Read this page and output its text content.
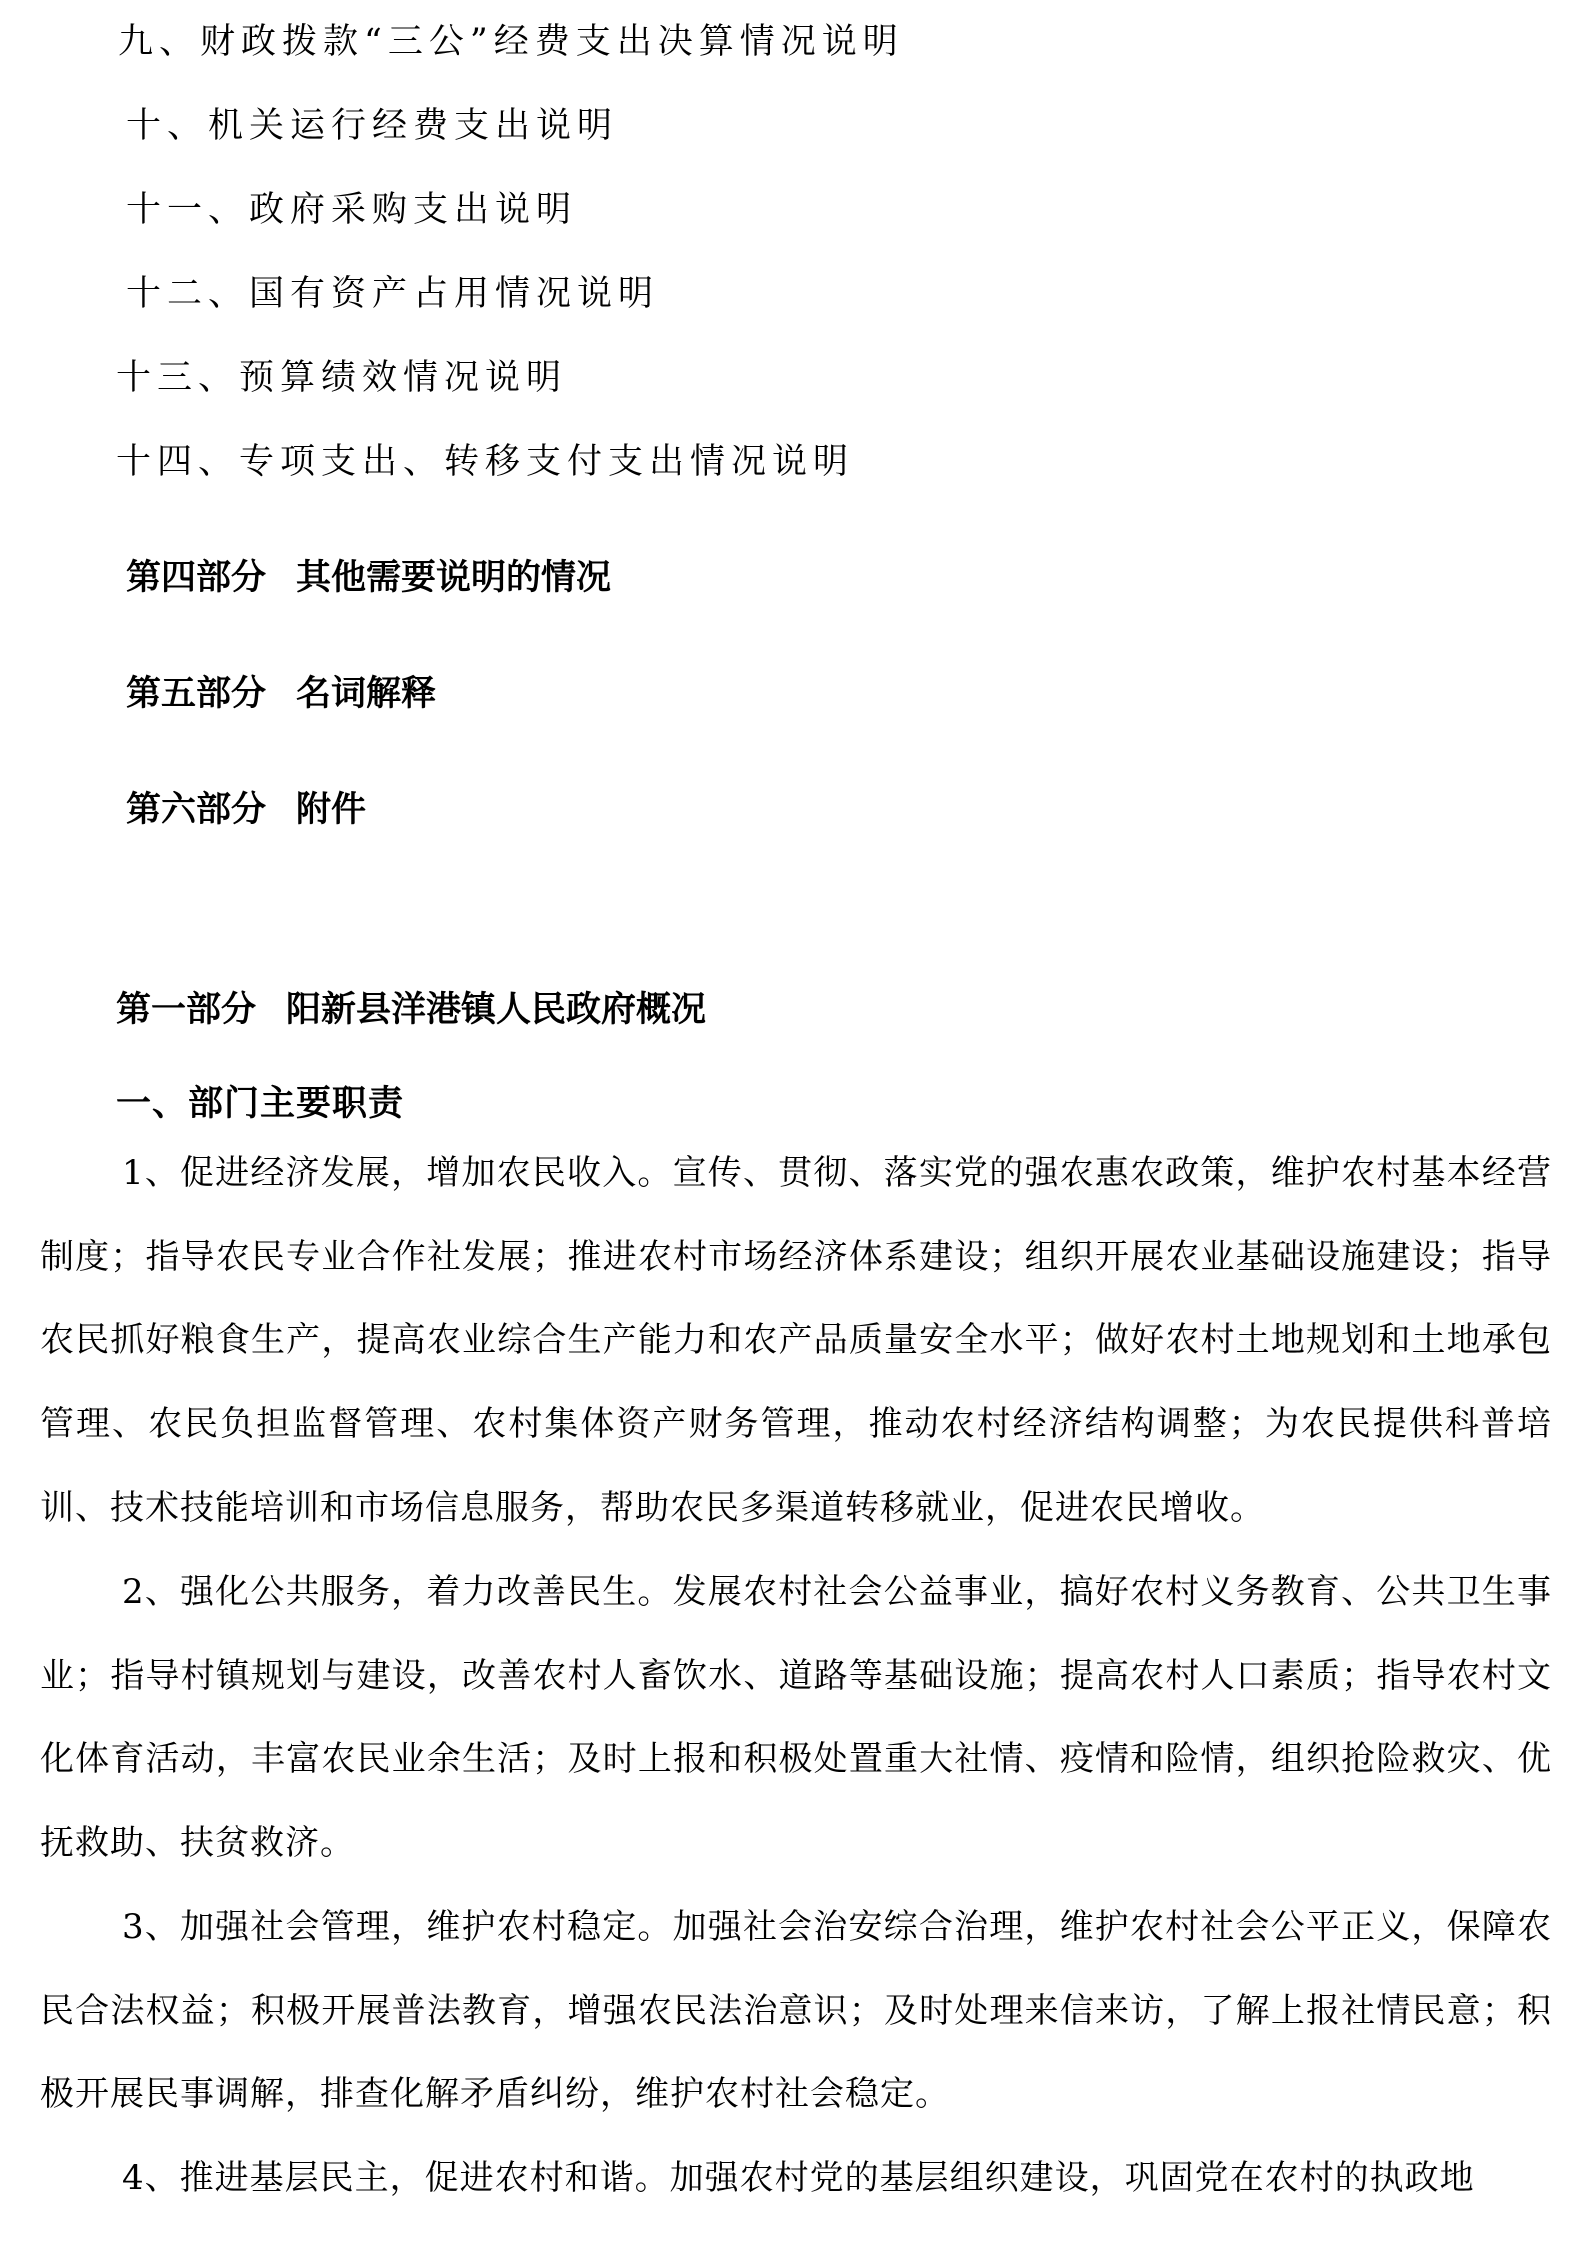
九、财政拨款“三公”经费支出决算情况说明
十、机关运行经费支出说明
十一、政府采购支出说明
十二、国有资产占用情况说明
十三、预算绩效情况说明
十四、专项支出、转移支付支出情况说明
第四部分 其他需要说明的情况
第五部分 名词解释
第六部分 附件
第一部分 阳新县洋港镇人民政府概况
一、部门主要职责
1、促进经济发展，增加农民收入。宣传、贯彻、落实党的强农惠农政策，维护农村基本经营制度；指导农民专业合作社发展；推进农村市场经济体系建设；组织开展农业基础设施建设；指导农民抓好粮食生产，提高农业综合生产能力和农产品质量安全水平；做好农村土地规划和土地承包管理、农民负担监督管理、农村集体资产财务管理，推动农村经济结构调整；为农民提供科普培训、技术技能培训和市场信息服务，帮助农民多渠道转移就业，促进农民增收。
2、强化公共服务，着力改善民生。发展农村社会公益事业，搞好农村义务教育、公共卫生事业；指导村镇规划与建设，改善农村人畜饮水、道路等基础设施；提高农村人口素质；指导农村文化体育活动，丰富农民业余生活；及时上报和积极处置重大社情、疫情和险情，组织抢险救灾、优抚救助、扶贫救济。
3、加强社会管理，维护农村稳定。加强社会治安综合治理，维护农村社会公平正义，保障农民合法权益；积极开展普法教育，增强农民法治意识；及时处理来信来访，了解上报社情民意；积极开展民事调解，排查化解矛盾纠纷，维护农村社会稳定。
4、推进基层民主，促进农村和谐。加强农村党的基层组织建设，巩固党在农村的执政地
